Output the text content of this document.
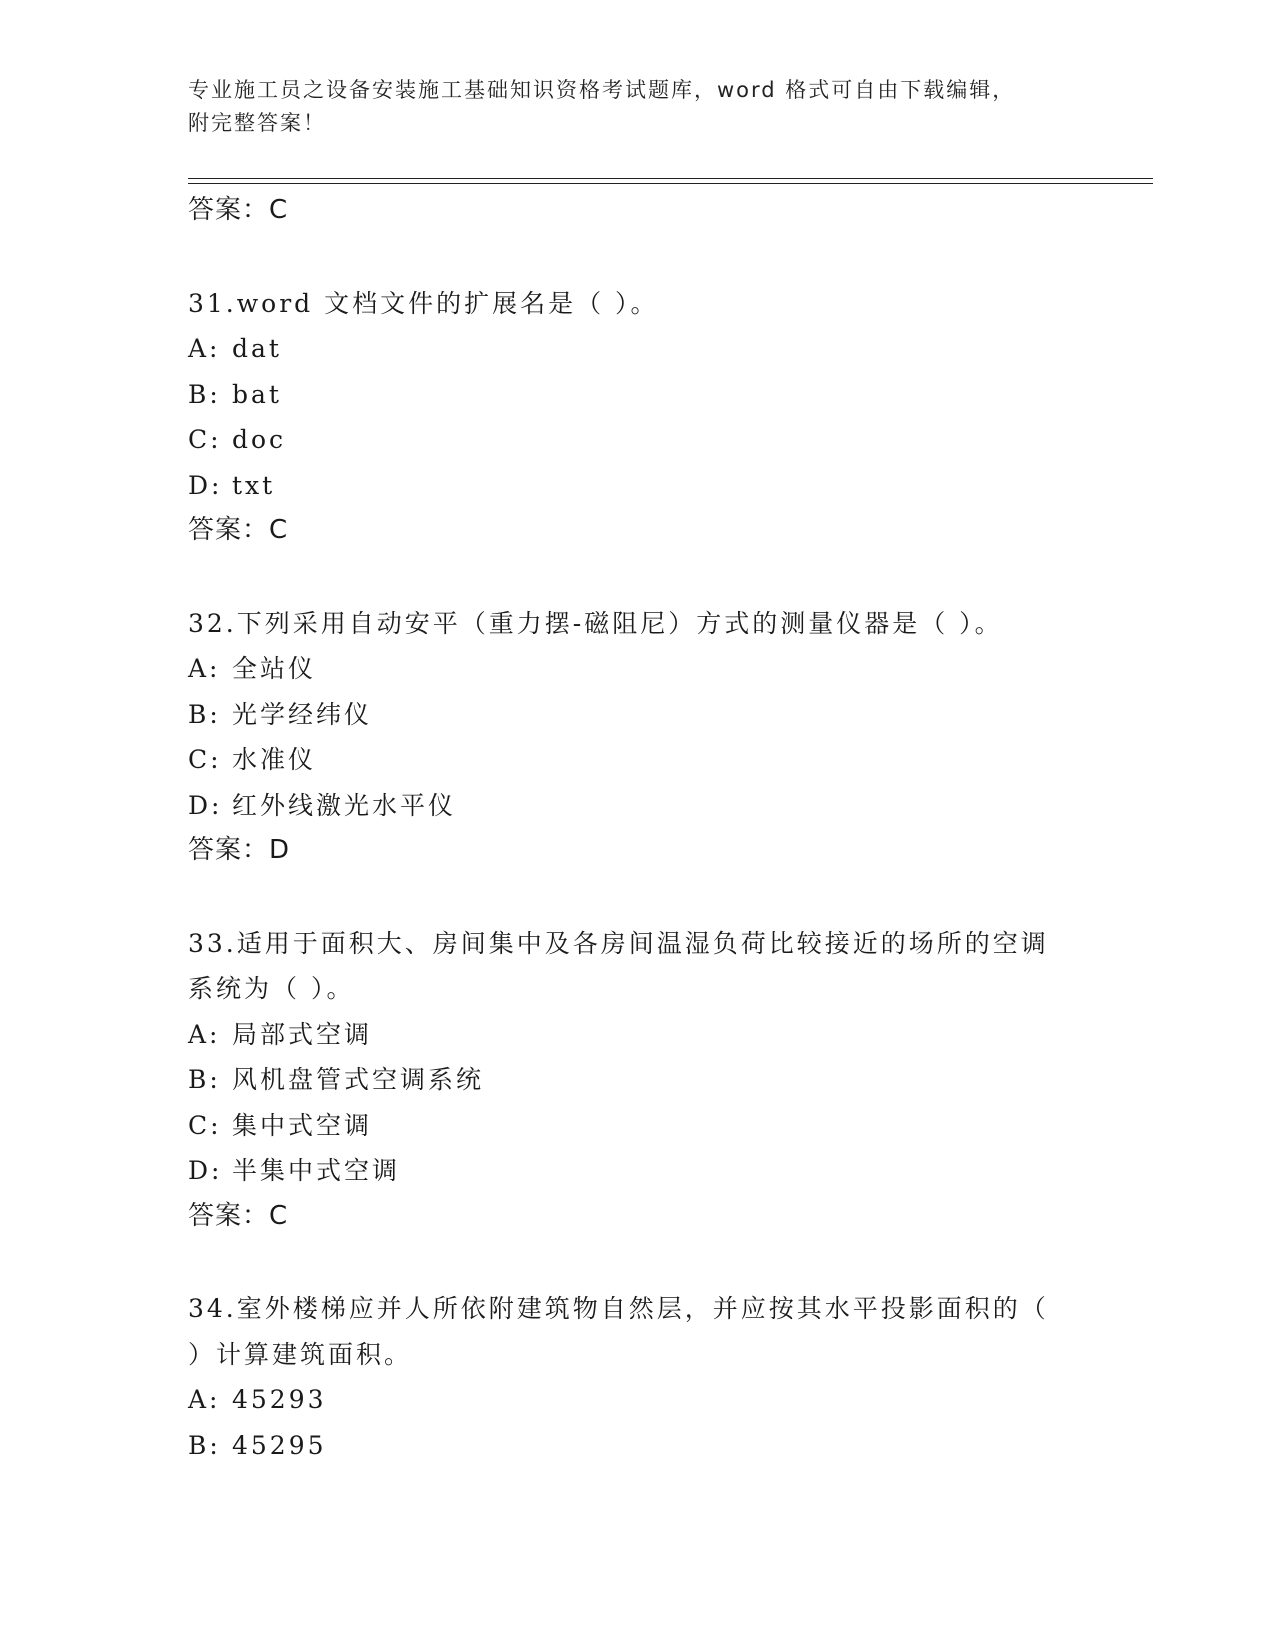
专业施工员之设备安装施工基础知识资格考试题库，word 格式可自由下载编辑，
附完整答案！
答案：C
31.word 文档文件的扩展名是（ ）。
A: dat
B: bat
C: doc
D: txt
答案：C
32.下列采用自动安平（重力摆-磁阻尼）方式的测量仪器是（ ）。
A: 全站仪
B: 光学经纬仪
C: 水准仪
D: 红外线激光水平仪
答案：D
33.适用于面积大、房间集中及各房间温湿负荷比较接近的场所的空调
系统为（ ）。
A: 局部式空调
B: 风机盘管式空调系统
C: 集中式空调
D: 半集中式空调
答案：C
34.室外楼梯应并人所依附建筑物自然层，并应按其水平投影面积的（
）计算建筑面积。
A: 45293
B: 45295
